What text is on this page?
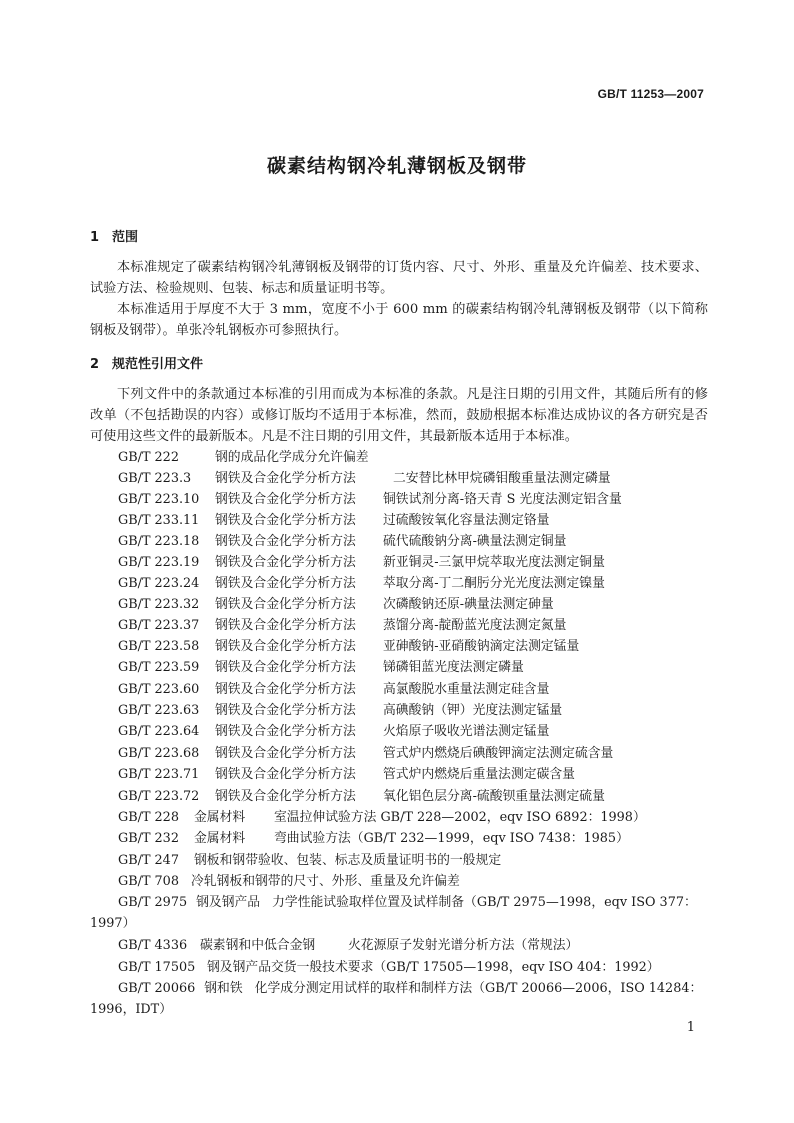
GB/T 11253—2007
碳素结构钢冷轧薄钢板及钢带
1 范围
本标准规定了碳素结构钢冷轧薄钢板及钢带的订货内容、尺寸、外形、重量及允许偏差、技术要求、试验方法、检验规则、包装、标志和质量证明书等。
本标准适用于厚度不大于 3 mm，宽度不小于 600 mm 的碳素结构钢冷轧薄钢板及钢带（以下简称钢板及钢带）。单张冷轧钢板亦可参照执行。
2 规范性引用文件
下列文件中的条款通过本标准的引用而成为本标准的条款。凡是注日期的引用文件，其随后所有的修改单（不包括勘误的内容）或修订版均不适用于本标准，然而，鼓励根据本标准达成协议的各方研究是否可使用这些文件的最新版本。凡是不注日期的引用文件，其最新版本适用于本标准。
GB/T 222	钢的成品化学成分允许偏差
GB/T 223.3 钢铁及合金化学分析方法	二安替比林甲烷磷钼酸重量法测定磷量
GB/T 223.10 钢铁及合金化学分析方法 铜铁试剂分离-铬天青 S 光度法测定铝含量
GB/T 233.11 钢铁及合金化学分析方法 过硫酸铵氧化容量法测定铬量
GB/T 223.18 钢铁及合金化学分析方法 硫代硫酸钠分离-碘量法测定铜量
GB/T 223.19 钢铁及合金化学分析方法 新亚铜灵-三氯甲烷萃取光度法测定铜量
GB/T 223.24 钢铁及合金化学分析方法 萃取分离-丁二酮肟分光光度法测定镍量
GB/T 223.32 钢铁及合金化学分析方法 次磷酸钠还原-碘量法测定砷量
GB/T 223.37 钢铁及合金化学分析方法 蒸馏分离-靛酚蓝光度法测定氮量
GB/T 223.58 钢铁及合金化学分析方法 亚砷酸钠-亚硝酸钠滴定法测定锰量
GB/T 223.59 钢铁及合金化学分析方法 锑磷钼蓝光度法测定磷量
GB/T 223.60 钢铁及合金化学分析方法 高氯酸脱水重量法测定硅含量
GB/T 223.63 钢铁及合金化学分析方法 高碘酸钠（钾）光度法测定锰量
GB/T 223.64 钢铁及合金化学分析方法 火焰原子吸收光谱法测定锰量
GB/T 223.68 钢铁及合金化学分析方法 管式炉内燃烧后碘酸钾滴定法测定硫含量
GB/T 223.71 钢铁及合金化学分析方法 管式炉内燃烧后重量法测定碳含量
GB/T 223.72 钢铁及合金化学分析方法 氧化铝色层分离-硫酸钡重量法测定硫量
GB/T 228 金属材料 室温拉伸试验方法 GB/T 228—2002，eqv ISO 6892：1998）
GB/T 232 金属材料 弯曲试验方法（GB/T 232—1999，eqv ISO 7438：1985）
GB/T 247 钢板和钢带验收、包装、标志及质量证明书的一般规定
GB/T 708 冷轧钢板和钢带的尺寸、外形、重量及允许偏差
GB/T 2975 钢及钢产品 力学性能试验取样位置及试样制备（GB/T 2975—1998，eqv ISO 377：1997）
GB/T 4336 碳素钢和中低合金钢	火花源原子发射光谱分析方法（常规法）
GB/T 17505 钢及钢产品交货一般技术要求（GB/T 17505—1998，eqv ISO 404：1992）
GB/T 20066 钢和铁 化学成分测定用试样的取样和制样方法（GB/T 20066—2006，ISO 14284：1996，IDT）
1
